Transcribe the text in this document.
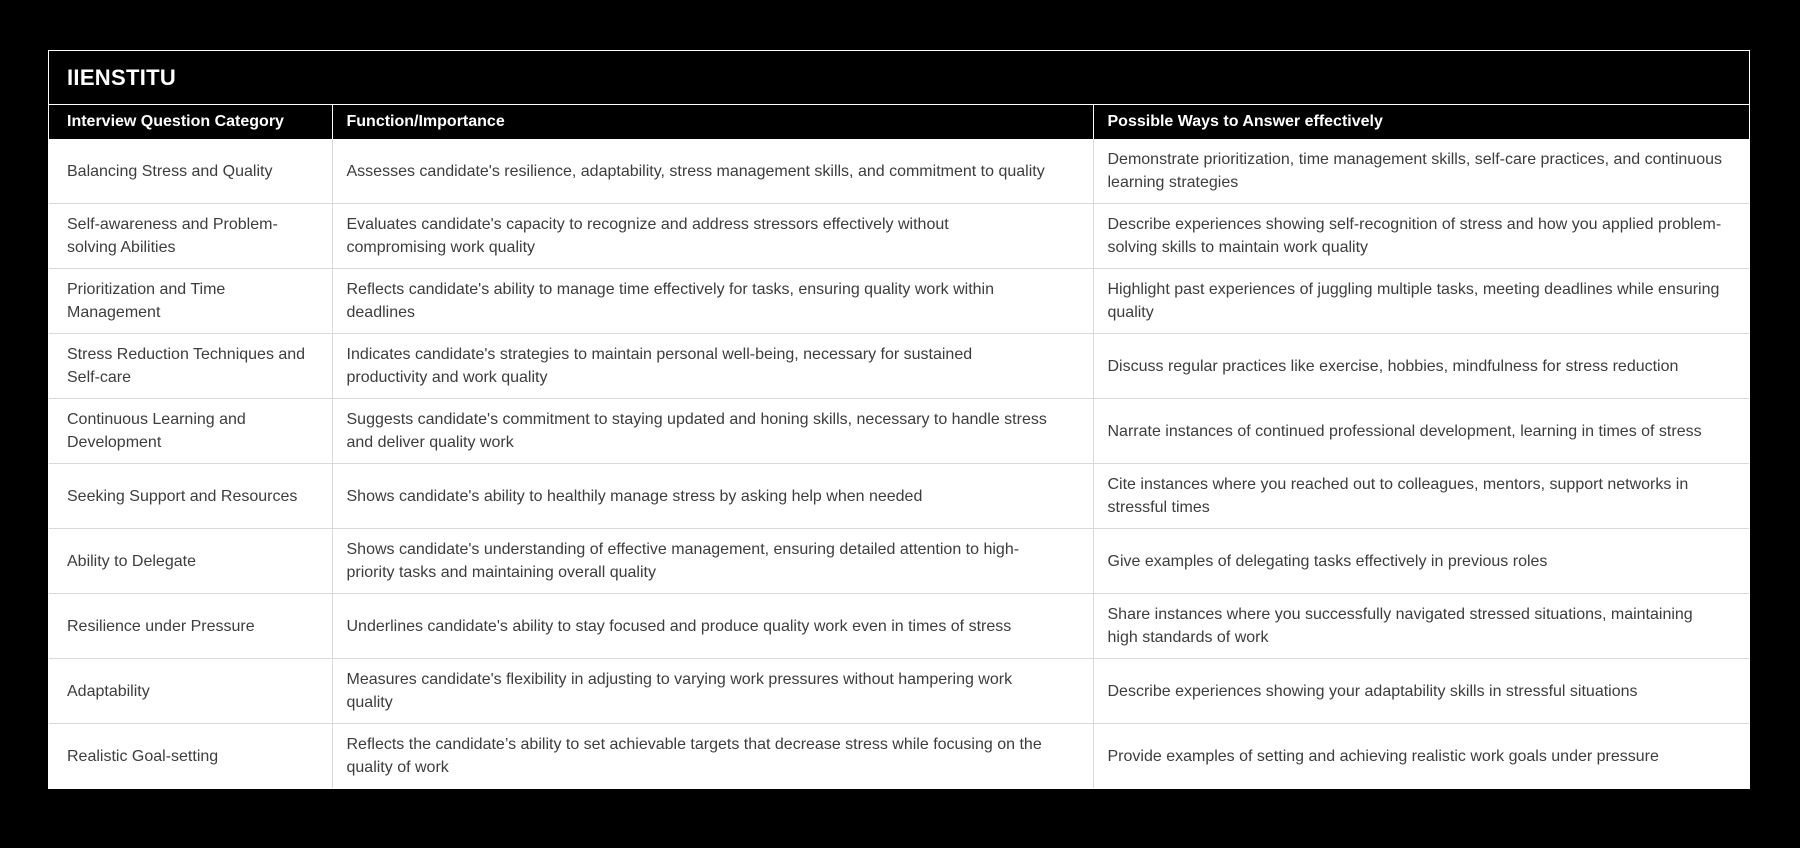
IIENSTITU
Interview Question Category	Function/Importance	Possible Ways to Answer effectively
Balancing Stress and Quality	Assesses candidate's resilience, adaptability, stress management skills, and commitment to quality	Demonstrate prioritization, time management skills, self-care practices, and continuous learning strategies
Self-awareness and Problem-solving Abilities	Evaluates candidate's capacity to recognize and address stressors effectively without compromising work quality	Describe experiences showing self-recognition of stress and how you applied problem-solving skills to maintain work quality
Prioritization and Time Management	Reflects candidate's ability to manage time effectively for tasks, ensuring quality work within deadlines	Highlight past experiences of juggling multiple tasks, meeting deadlines while ensuring quality
Stress Reduction Techniques and Self-care	Indicates candidate's strategies to maintain personal well-being, necessary for sustained productivity and work quality	Discuss regular practices like exercise, hobbies, mindfulness for stress reduction
Continuous Learning and Development	Suggests candidate's commitment to staying updated and honing skills, necessary to handle stress and deliver quality work	Narrate instances of continued professional development, learning in times of stress
Seeking Support and Resources	Shows candidate's ability to healthily manage stress by asking help when needed	Cite instances where you reached out to colleagues, mentors, support networks in stressful times
Ability to Delegate	Shows candidate's understanding of effective management, ensuring detailed attention to high-priority tasks and maintaining overall quality	Give examples of delegating tasks effectively in previous roles
Resilience under Pressure	Underlines candidate's ability to stay focused and produce quality work even in times of stress	Share instances where you successfully navigated stressed situations, maintaining high standards of work
Adaptability	Measures candidate's flexibility in adjusting to varying work pressures without hampering work quality	Describe experiences showing your adaptability skills in stressful situations
Realistic Goal-setting	Reflects the candidate’s ability to set achievable targets that decrease stress while focusing on the quality of work	Provide examples of setting and achieving realistic work goals under pressure
